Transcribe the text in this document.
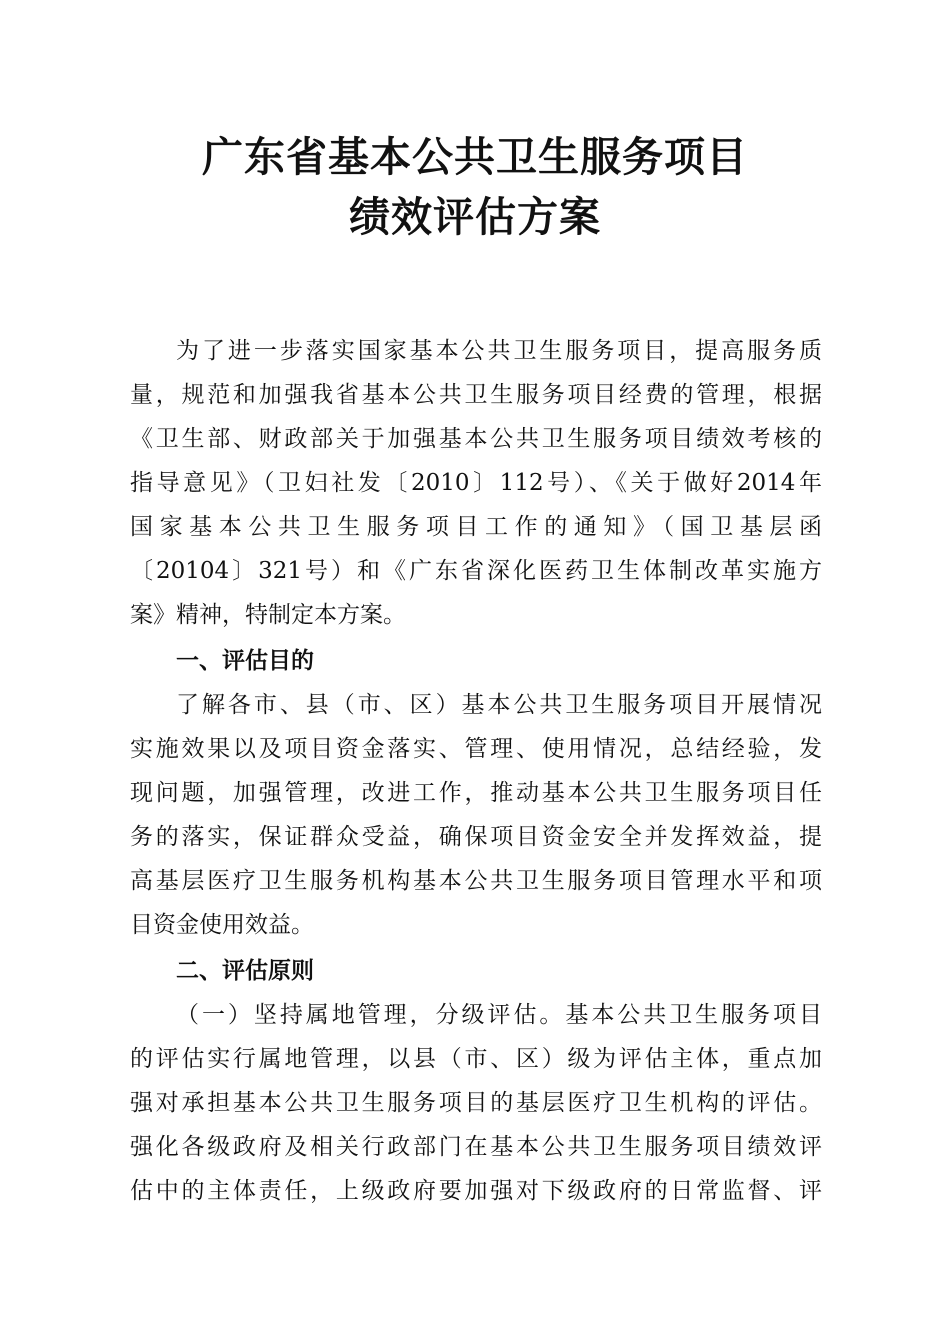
广东省基本公共卫生服务项目
绩效评估方案
为了进一步落实国家基本公共卫生服务项目，提高服务质
量，规范和加强我省基本公共卫生服务项目经费的管理，根据
《卫生部、财政部关于加强基本公共卫生服务项目绩效考核的
指导意见》（卫妇社发〔2010〕112号）、《关于做好2014年
国家基本公共卫生服务项目工作的通知》（国卫基层函
〔20104〕321号）和《广东省深化医药卫生体制改革实施方
案》精神，特制定本方案。
一、评估目的
了解各市、县（市、区）基本公共卫生服务项目开展情况
实施效果以及项目资金落实、管理、使用情况，总结经验，发
现问题，加强管理，改进工作，推动基本公共卫生服务项目任
务的落实，保证群众受益，确保项目资金安全并发挥效益，提
高基层医疗卫生服务机构基本公共卫生服务项目管理水平和项
目资金使用效益。
二、评估原则
（一）坚持属地管理，分级评估。基本公共卫生服务项目
的评估实行属地管理，以县（市、区）级为评估主体，重点加
强对承担基本公共卫生服务项目的基层医疗卫生机构的评估。
强化各级政府及相关行政部门在基本公共卫生服务项目绩效评
估中的主体责任，上级政府要加强对下级政府的日常监督、评
